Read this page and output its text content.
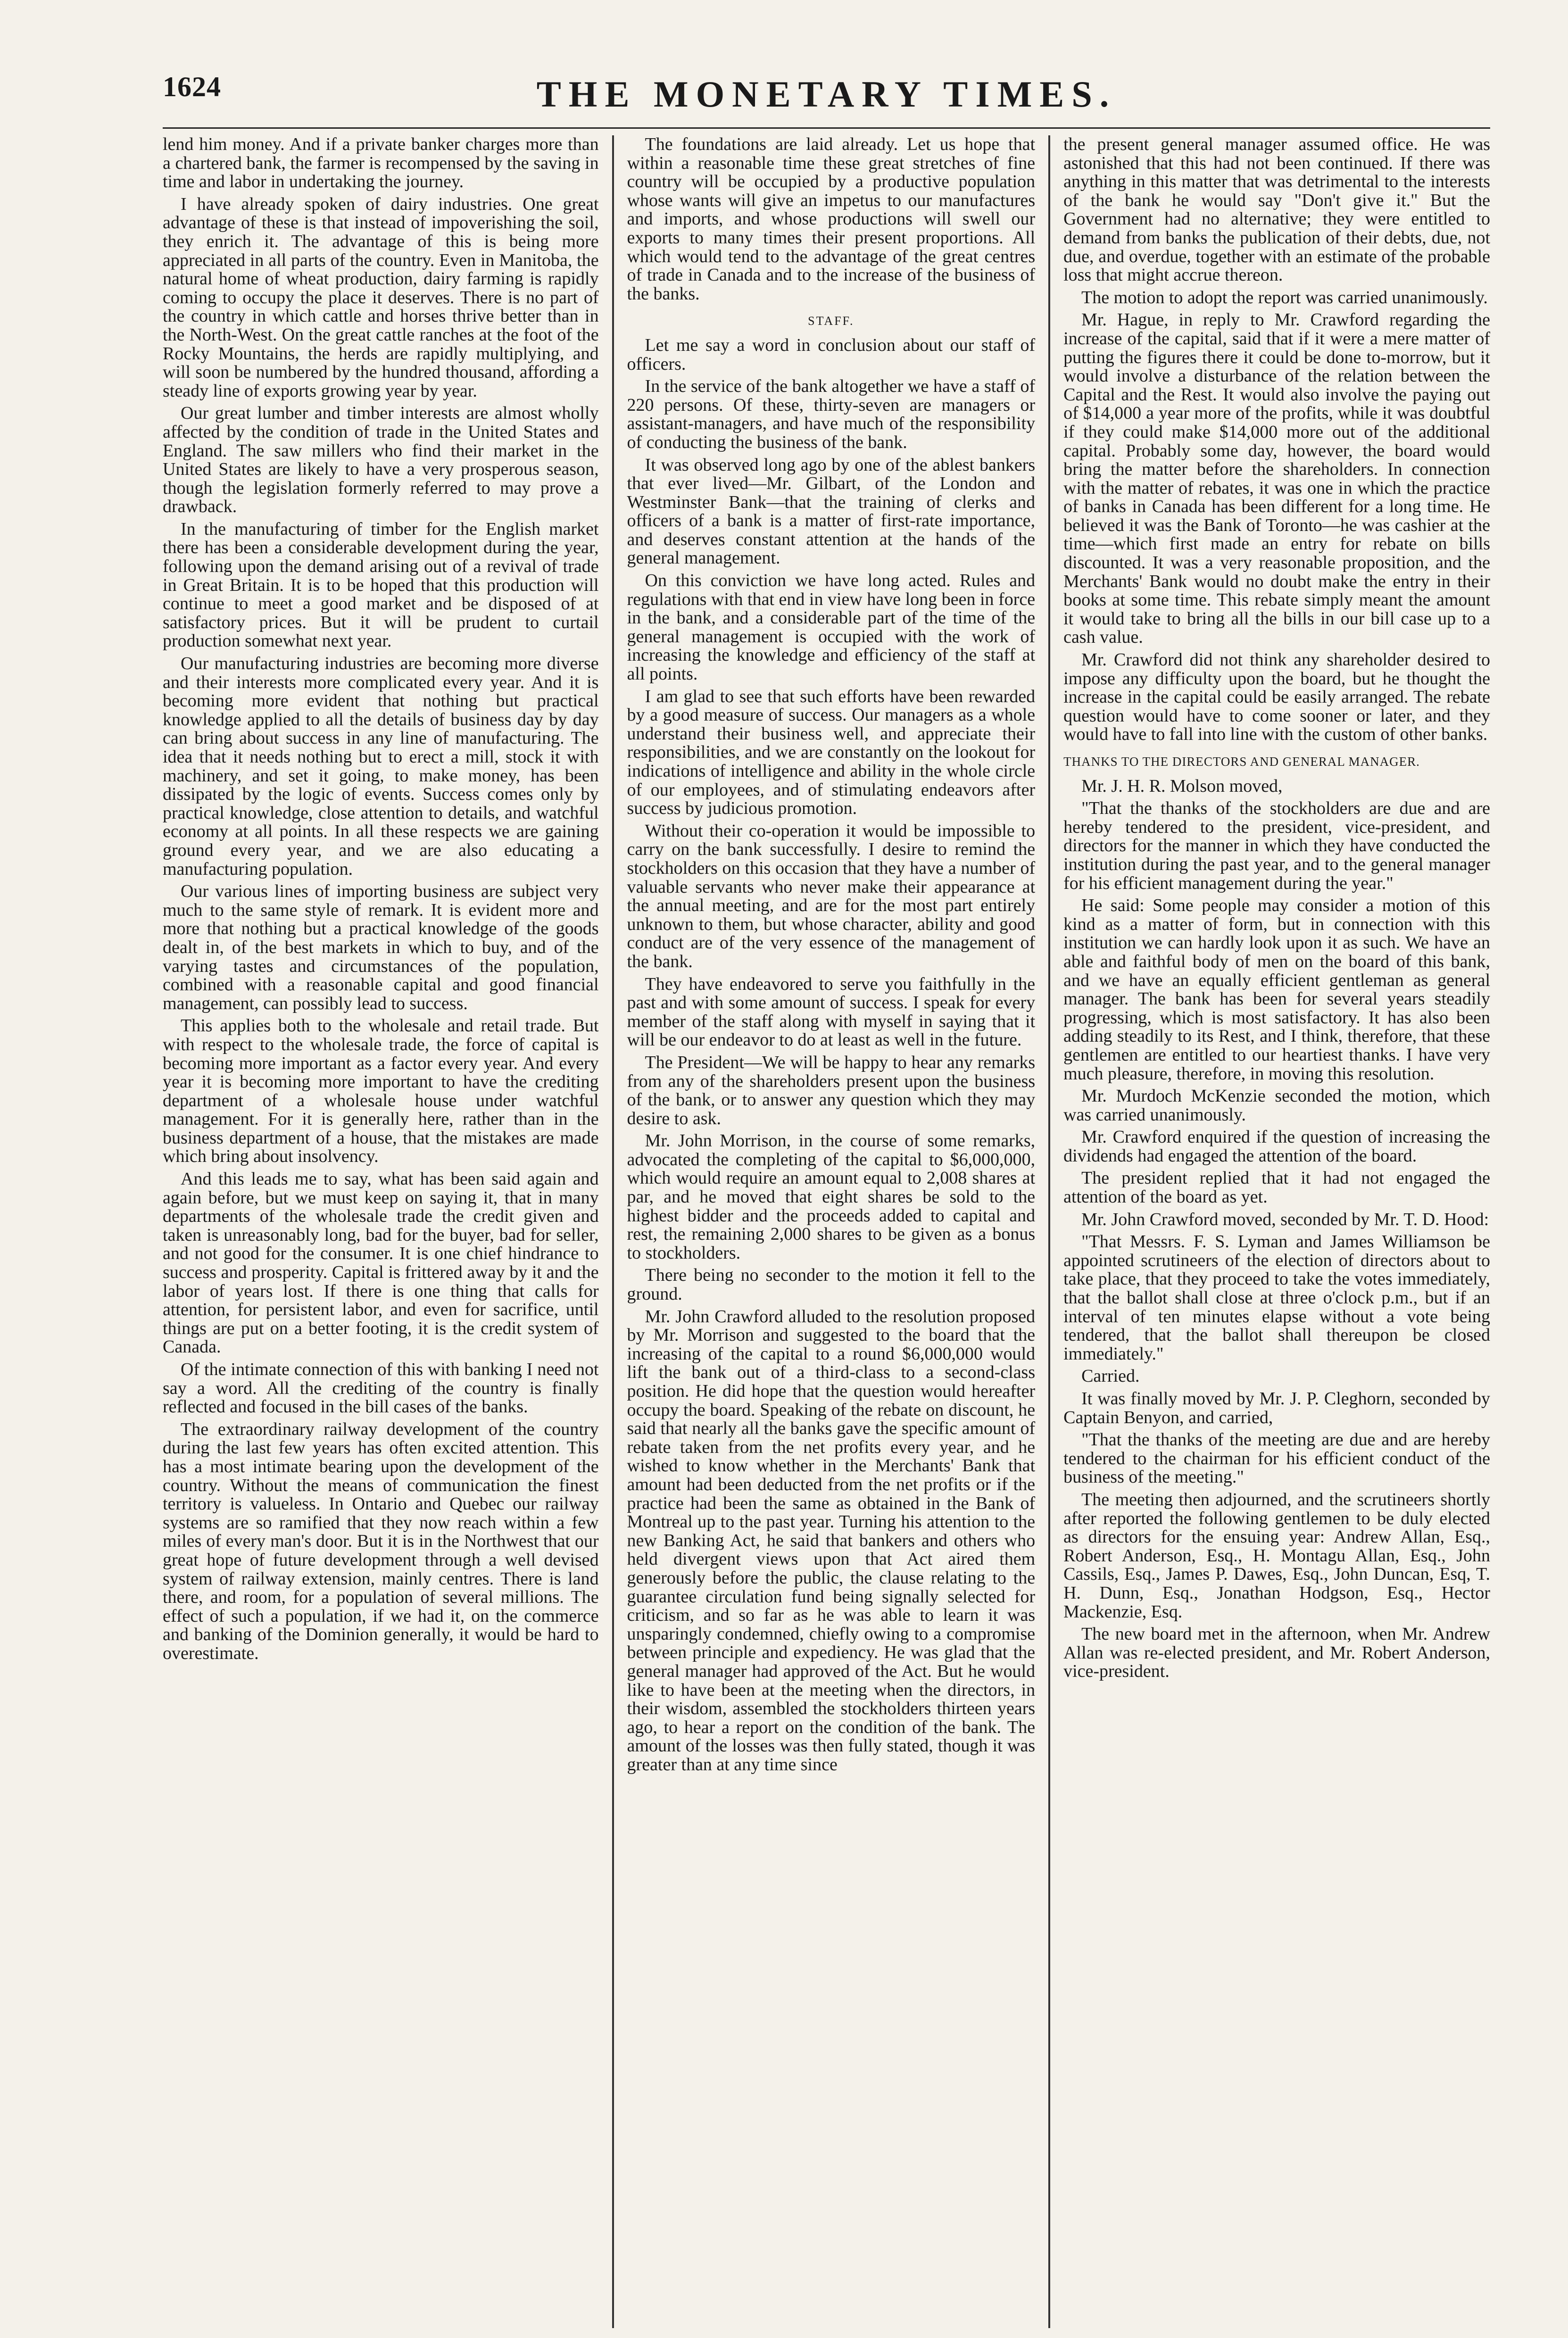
1624	THE MONETARY TIMES.

lend him money. And if a private banker charges more than a chartered bank, the farmer is recompensed by the saving in time and labor in undertaking the journey.

I have already spoken of dairy industries. One great advantage of these is that instead of impoverishing the soil, they enrich it. The advantage of this is being more appreciated in all parts of the country. Even in Manitoba, the natural home of wheat production, dairy farming is rapidly coming to occupy the place it deserves. There is no part of the country in which cattle and horses thrive better than in the North-West. On the great cattle ranches at the foot of the Rocky Mountains, the herds are rapidly multiplying, and will soon be numbered by the hundred thousand, affording a steady line of exports growing year by year.

Our great lumber and timber interests are almost wholly affected by the condition of trade in the United States and England. The saw millers who find their market in the United States are likely to have a very prosperous season, though the legislation formerly referred to may prove a drawback.

In the manufacturing of timber for the English market there has been a considerable development during the year, following upon the demand arising out of a revival of trade in Great Britain. It is to be hoped that this production will continue to meet a good market and be disposed of at satisfactory prices. But it will be prudent to curtail production somewhat next year.

Our manufacturing industries are becoming more diverse and their interests more complicated every year. And it is becoming more evident that nothing but practical knowledge applied to all the details of business day by day can bring about success in any line of manufacturing. The idea that it needs nothing but to erect a mill, stock it with machinery, and set it going, to make money, has been dissipated by the logic of events. Success comes only by practical knowledge, close attention to details, and watchful economy at all points. In all these respects we are gaining ground every year, and we are also educating a manufacturing population.

Our various lines of importing business are subject very much to the same style of remark. It is evident more and more that nothing but a practical knowledge of the goods dealt in, of the best markets in which to buy, and of the varying tastes and circumstances of the population, combined with a reasonable capital and good financial management, can possibly lead to success.

This applies both to the wholesale and retail trade. But with respect to the wholesale trade, the force of capital is becoming more important as a factor every year. And every year it is becoming more important to have the crediting department of a wholesale house under watchful management. For it is generally here, rather than in the business department of a house, that the mistakes are made which bring about insolvency.

And this leads me to say, what has been said again and again before, but we must keep on saying it, that in many departments of the wholesale trade the credit given and taken is unreasonably long, bad for the buyer, bad for seller, and not good for the consumer. It is one chief hindrance to success and prosperity. Capital is frittered away by it and the labor of years lost. If there is one thing that calls for attention, for persistent labor, and even for sacrifice, until things are put on a better footing, it is the credit system of Canada.

Of the intimate connection of this with banking I need not say a word. All the crediting of the country is finally reflected and focused in the bill cases of the banks.

The extraordinary railway development of the country during the last few years has often excited attention. This has a most intimate bearing upon the development of the country. Without the means of communication the finest territory is valueless. In Ontario and Quebec our railway systems are so ramified that they now reach within a few miles of every man's door. But it is in the Northwest that our great hope of future development through a well devised system of railway extension, mainly centres. There is land there, and room, for a population of several millions. The effect of such a population, if we had it, on the commerce and banking of the Dominion generally, it would be hard to overestimate.

The foundations are laid already. Let us hope that within a reasonable time these great stretches of fine country will be occupied by a productive population whose wants will give an impetus to our manufactures and imports, and whose productions will swell our exports to many times their present proportions. All which would tend to the advantage of the great centres of trade in Canada and to the increase of the business of the banks.

STAFF.

Let me say a word in conclusion about our staff of officers.

In the service of the bank altogether we have a staff of 220 persons. Of these, thirty-seven are managers or assistant-managers, and have much of the responsibility of conducting the business of the bank.

It was observed long ago by one of the ablest bankers that ever lived—Mr. Gilbart, of the London and Westminster Bank—that the training of clerks and officers of a bank is a matter of first-rate importance, and deserves constant attention at the hands of the general management.

On this conviction we have long acted. Rules and regulations with that end in view have long been in force in the bank, and a considerable part of the time of the general management is occupied with the work of increasing the knowledge and efficiency of the staff at all points.

I am glad to see that such efforts have been rewarded by a good measure of success. Our managers as a whole understand their business well, and appreciate their responsibilities, and we are constantly on the lookout for indications of intelligence and ability in the whole circle of our employees, and of stimulating endeavors after success by judicious promotion.

Without their co-operation it would be impossible to carry on the bank successfully. I desire to remind the stockholders on this occasion that they have a number of valuable servants who never make their appearance at the annual meeting, and are for the most part entirely unknown to them, but whose character, ability and good conduct are of the very essence of the management of the bank.

They have endeavored to serve you faithfully in the past and with some amount of success. I speak for every member of the staff along with myself in saying that it will be our endeavor to do at least as well in the future.

The President—We will be happy to hear any remarks from any of the shareholders present upon the business of the bank, or to answer any question which they may desire to ask.

Mr. John Morrison, in the course of some remarks, advocated the completing of the capital to $6,000,000, which would require an amount equal to 2,008 shares at par, and he moved that eight shares be sold to the highest bidder and the proceeds added to capital and rest, the remaining 2,000 shares to be given as a bonus to stockholders.

There being no seconder to the motion it fell to the ground.

Mr. John Crawford alluded to the resolution proposed by Mr. Morrison and suggested to the board that the increasing of the capital to a round $6,000,000 would lift the bank out of a third-class to a second-class position. He did hope that the question would hereafter occupy the board. Speaking of the rebate on discount, he said that nearly all the banks gave the specific amount of rebate taken from the net profits every year, and he wished to know whether in the Merchants' Bank that amount had been deducted from the net profits or if the practice had been the same as obtained in the Bank of Montreal up to the past year. Turning his attention to the new Banking Act, he said that bankers and others who held divergent views upon that Act aired them generously before the public, the clause relating to the guarantee circulation fund being signally selected for criticism, and so far as he was able to learn it was unsparingly condemned, chiefly owing to a compromise between principle and expediency. He was glad that the general manager had approved of the Act. But he would like to have been at the meeting when the directors, in their wisdom, assembled the stockholders thirteen years ago, to hear a report on the condition of the bank. The amount of the losses was then fully stated, though it was greater than at any time since

the present general manager assumed office. He was astonished that this had not been continued. If there was anything in this matter that was detrimental to the interests of the bank he would say "Don't give it." But the Government had no alternative; they were entitled to demand from banks the publication of their debts, due, not due, and overdue, together with an estimate of the probable loss that might accrue thereon.

The motion to adopt the report was carried unanimously.

Mr. Hague, in reply to Mr. Crawford regarding the increase of the capital, said that if it were a mere matter of putting the figures there it could be done to-morrow, but it would involve a disturbance of the relation between the Capital and the Rest. It would also involve the paying out of $14,000 a year more of the profits, while it was doubtful if they could make $14,000 more out of the additional capital. Probably some day, however, the board would bring the matter before the shareholders. In connection with the matter of rebates, it was one in which the practice of banks in Canada has been different for a long time. He believed it was the Bank of Toronto—he was cashier at the time—which first made an entry for rebate on bills discounted. It was a very reasonable proposition, and the Merchants' Bank would no doubt make the entry in their books at some time. This rebate simply meant the amount it would take to bring all the bills in our bill case up to a cash value.

Mr. Crawford did not think any shareholder desired to impose any difficulty upon the board, but he thought the increase in the capital could be easily arranged. The rebate question would have to come sooner or later, and they would have to fall into line with the custom of other banks.

THANKS TO THE DIRECTORS AND GENERAL MANAGER.

Mr. J. H. R. Molson moved,

"That the thanks of the stockholders are due and are hereby tendered to the president, vice-president, and directors for the manner in which they have conducted the institution during the past year, and to the general manager for his efficient management during the year."

He said: Some people may consider a motion of this kind as a matter of form, but in connection with this institution we can hardly look upon it as such. We have an able and faithful body of men on the board of this bank, and we have an equally efficient gentleman as general manager. The bank has been for several years steadily progressing, which is most satisfactory. It has also been adding steadily to its Rest, and I think, therefore, that these gentlemen are entitled to our heartiest thanks. I have very much pleasure, therefore, in moving this resolution.

Mr. Murdoch McKenzie seconded the motion, which was carried unanimously.

Mr. Crawford enquired if the question of increasing the dividends had engaged the attention of the board.

The president replied that it had not engaged the attention of the board as yet.

Mr. John Crawford moved, seconded by Mr. T. D. Hood:

"That Messrs. F. S. Lyman and James Williamson be appointed scrutineers of the election of directors about to take place, that they proceed to take the votes immediately, that the ballot shall close at three o'clock p.m., but if an interval of ten minutes elapse without a vote being tendered, that the ballot shall thereupon be closed immediately."

Carried.

It was finally moved by Mr. J. P. Cleghorn, seconded by Captain Benyon, and carried,

"That the thanks of the meeting are due and are hereby tendered to the chairman for his efficient conduct of the business of the meeting."

The meeting then adjourned, and the scrutineers shortly after reported the following gentlemen to be duly elected as directors for the ensuing year: Andrew Allan, Esq., Robert Anderson, Esq., H. Montagu Allan, Esq., John Cassils, Esq., James P. Dawes, Esq., John Duncan, Esq, T. H. Dunn, Esq., Jonathan Hodgson, Esq., Hector Mackenzie, Esq.

The new board met in the afternoon, when Mr. Andrew Allan was re-elected president, and Mr. Robert Anderson, vice-president.
